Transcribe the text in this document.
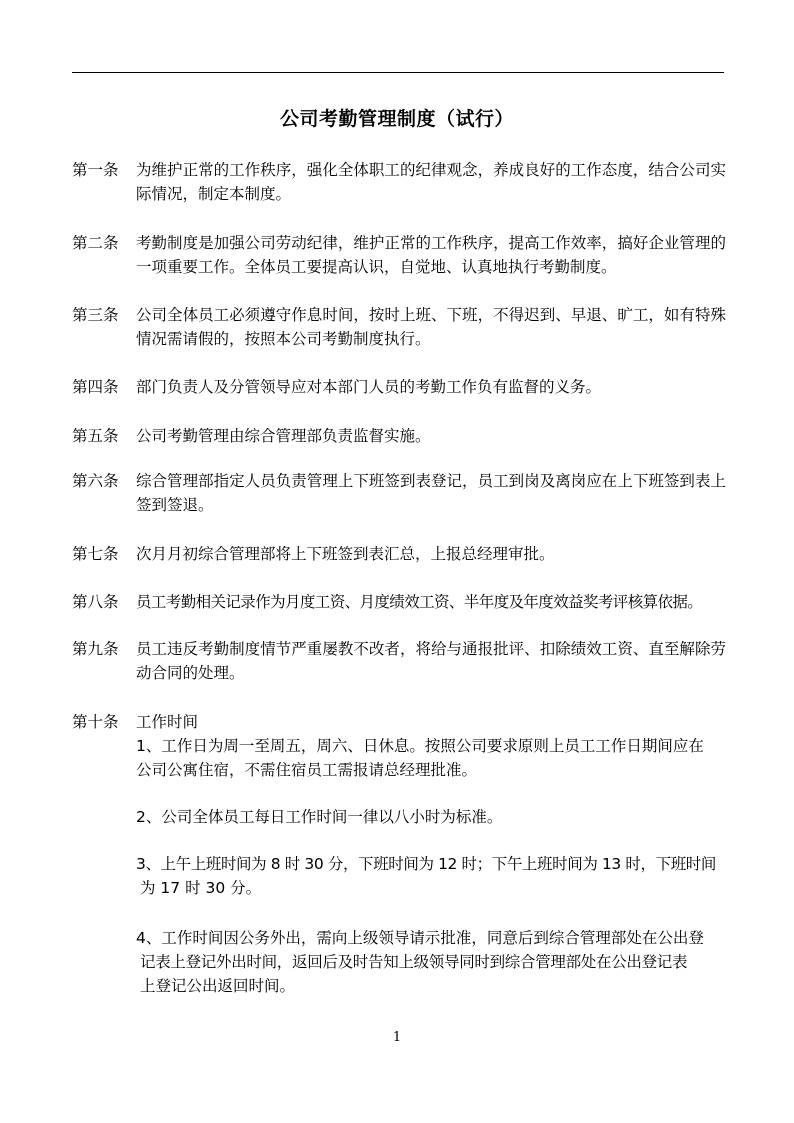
公司考勤管理制度（试行）
第一条	为维护正常的工作秩序，强化全体职工的纪律观念，养成良好的工作态度，结合公司实际情况，制定本制度。
第二条	考勤制度是加强公司劳动纪律，维护正常的工作秩序，提高工作效率，搞好企业管理的一项重要工作。全体员工要提高认识，自觉地、认真地执行考勤制度。
第三条	公司全体员工必须遵守作息时间，按时上班、下班，不得迟到、早退、旷工，如有特殊情况需请假的，按照本公司考勤制度执行。
第四条	部门负责人及分管领导应对本部门人员的考勤工作负有监督的义务。
第五条	公司考勤管理由综合管理部负责监督实施。
第六条	综合管理部指定人员负责管理上下班签到表登记，员工到岗及离岗应在上下班签到表上签到签退。
第七条	次月月初综合管理部将上下班签到表汇总，上报总经理审批。
第八条	员工考勤相关记录作为月度工资、月度绩效工资、半年度及年度效益奖考评核算依据。
第九条	员工违反考勤制度情节严重屡教不改者，将给与通报批评、扣除绩效工资、直至解除劳动合同的处理。
第十条	工作时间
1、工作日为周一至周五，周六、日休息。按照公司要求原则上员工工作日期间应在
公司公寓住宿，不需住宿员工需报请总经理批准。
2、公司全体员工每日工作时间一律以八小时为标准。
3、上午上班时间为 8 时 30 分，下班时间为 12 时；下午上班时间为 13 时，下班时间
为 17 时 30 分。
4、工作时间因公务外出，需向上级领导请示批准，同意后到综合管理部处在公出登
记表上登记外出时间，返回后及时告知上级领导同时到综合管理部处在公出登记表
上登记公出返回时间。
1
